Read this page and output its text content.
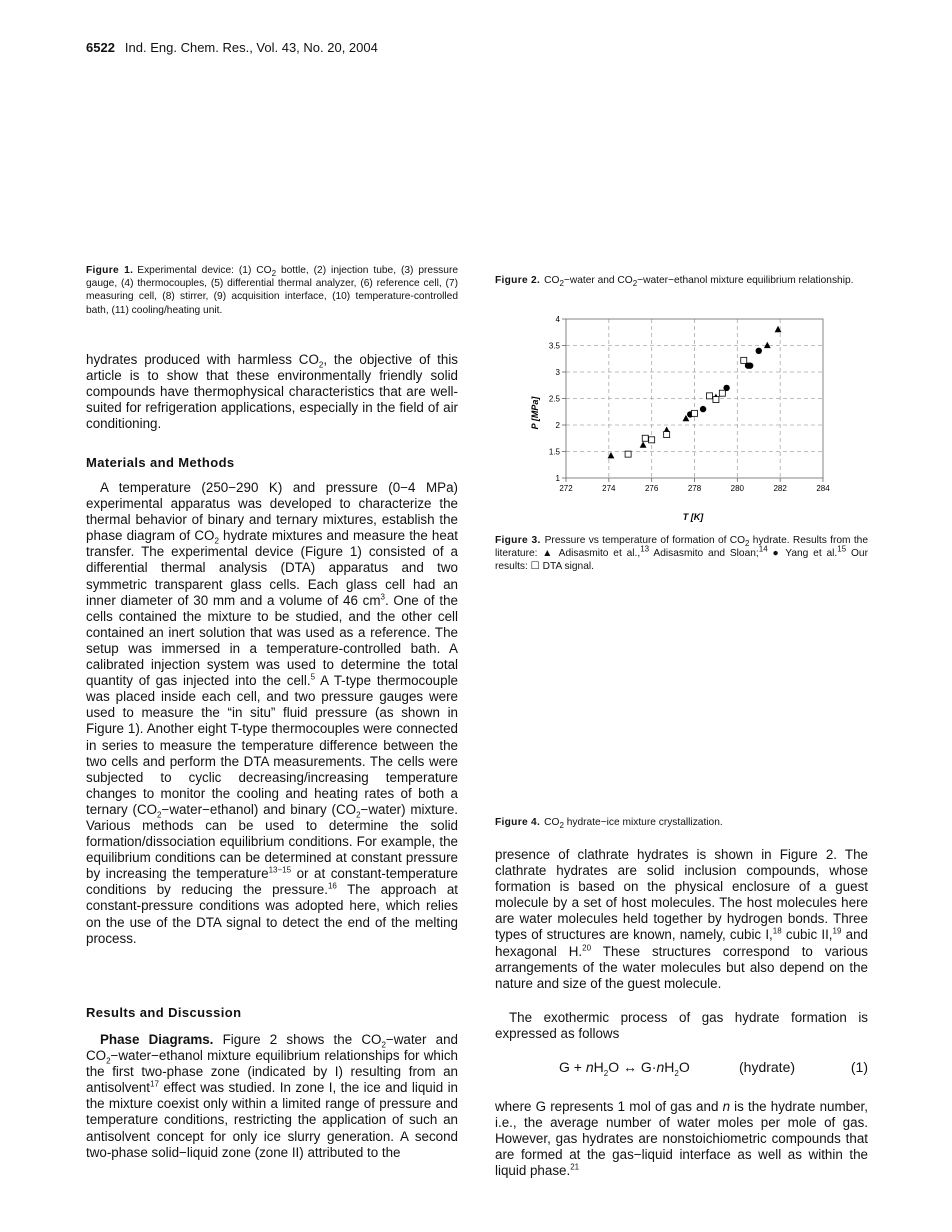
6522 Ind. Eng. Chem. Res., Vol. 43, No. 20, 2004
Figure 1. Experimental device: (1) $CO_2$ bottle, (2) injection tube, (3) pressure gauge, (4) thermocouples, (5) differential thermal analyzer, (6) reference cell, (7) measuring cell, (8) stirrer, (9) acquisition interface, (10) temperature-controlled bath, (11) cooling/heating unit.

hydrates produced with harmless $CO_2$, the objective of this article is to show that these environmentally friendly solid compounds have thermophysical characteristics that are well-suited for refrigeration applications, especially in the field of air conditioning.

Materials and Methods

A temperature (250−290 K) and pressure (0−4 MPa) experimental apparatus was developed to characterize the thermal behavior of binary and ternary mixtures, establish the phase diagram of $CO_2$ hydrate mixtures and measure the heat transfer. The experimental device (Figure 1) consisted of a differential thermal analysis (DTA) apparatus and two symmetric transparent glass cells. Each glass cell had an inner diameter of 30 mm and a volume of 46 $cm^3$. One of the cells contained the mixture to be studied, and the other cell contained an inert solution that was used as a reference. The setup was immersed in a temperature-controlled bath. A calibrated injection system was used to determine the total quantity of gas injected into the cell.$^5$ A T-type thermocouple was placed inside each cell, and two pressure gauges were used to measure the “in situ” fluid pressure (as shown in Figure 1). Another eight T-type thermocouples were connected in series to measure the temperature difference between the two cells and perform the DTA measurements. The cells were subjected to cyclic decreasing/increasing temperature changes to monitor the cooling and heating rates of both a ternary $(CO_2-water-ethanol)$ and binary $(CO_2-water)$ mixture. Various methods can be used to determine the solid formation/dissociation equilibrium conditions. For example, the equilibrium conditions can be determined at constant pressure by increasing the temperature$^{13-15}$ or at constant-temperature conditions by reducing the pressure.$^{16}$ The approach at constant-pressure conditions was adopted here, which relies on the use of the DTA signal to detect the end of the melting process.

Results and Discussion

Phase Diagrams. Figure 2 shows the $CO_2-water$ and $CO_2-water-ethanol$ mixture equilibrium relationships for which the first two-phase zone (indicated by I) resulting from an antisolvent$^{17}$ effect was studied. In zone I, the ice and liquid in the mixture coexist only within a limited range of pressure and temperature conditions, restricting the application of such an antisolvent concept for only ice slurry generation. A second two-phase solid−liquid zone (zone II) attributed to the

Figure 2. $CO_2-water$ and $CO_2-water-ethanol$ mixture equilibrium relationship.
272	274	276	278	280	282	284
1
1.5
2
2.5
3
3.5
4
T [K]
P [MPa]
Figure 3. Pressure vs temperature of formation of $CO_2$ hydrate. Results from the literature: ▲ Adisasmito et al.,$^{13}$ Adisasmito and Sloan;$^{14}$ ● Yang et al.$^{15}$ Our results: ☐ DTA signal.
Figure 4. $CO_2$ hydrate−ice mixture crystallization.

presence of clathrate hydrates is shown in Figure 2. The clathrate hydrates are solid inclusion compounds, whose formation is based on the physical enclosure of a guest molecule by a set of host molecules. The host molecules here are water molecules held together by hydrogen bonds. Three types of structures are known, namely, cubic I,$^{18}$ cubic II,$^{19}$ and hexagonal H.$^{20}$ These structures correspond to various arrangements of the water molecules but also depend on the nature and size of the guest molecule.

The exothermic process of gas hydrate formation is expressed as follows

$G + nH_2O$ ↔ $G\cdot nH_2O$	(hydrate)	(1)

where G represents 1 mol of gas and n is the hydrate number, i.e., the average number of water moles per mole of gas. However, gas hydrates are nonstoichiometric compounds that are formed at the gas−liquid interface as well as within the liquid phase.$^{21}$
